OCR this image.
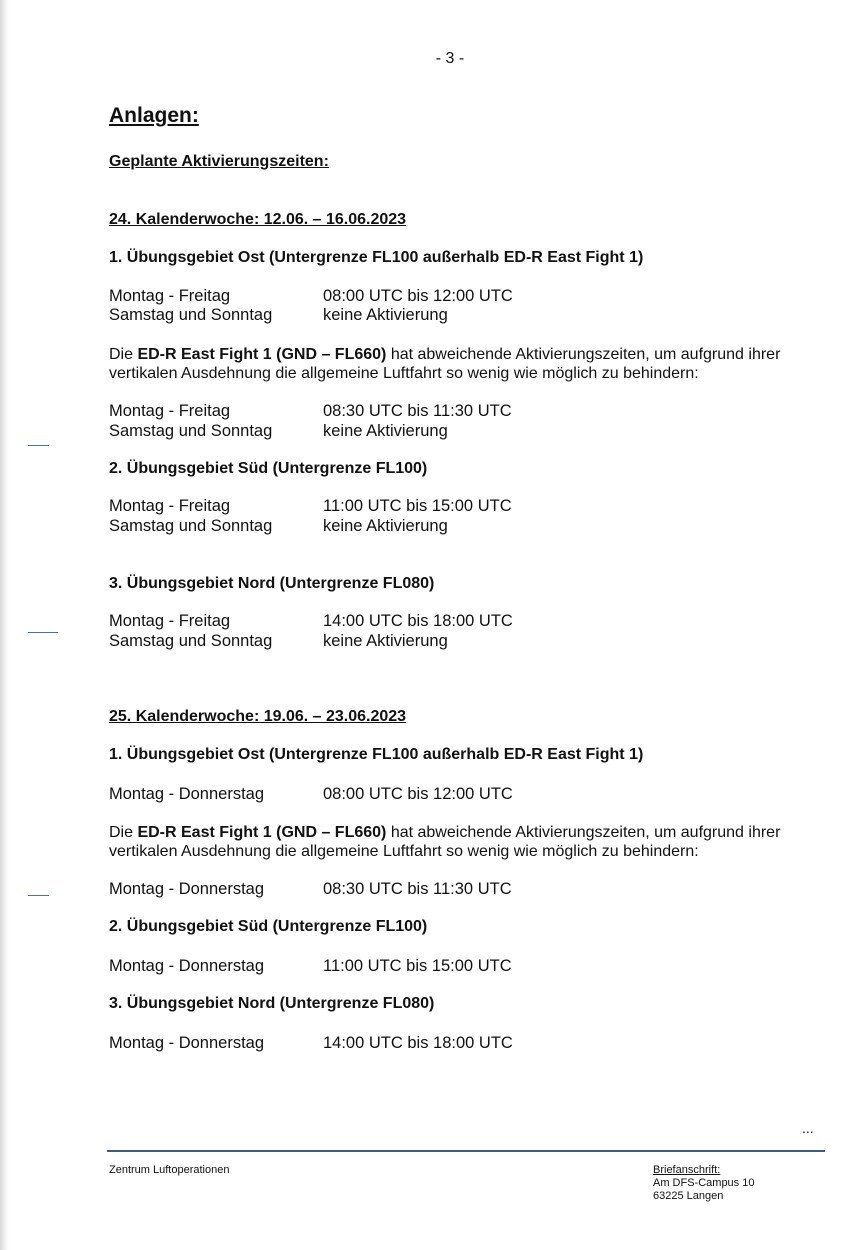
- 3 -
Anlagen:
Geplante Aktivierungszeiten:
24. Kalenderwoche: 12.06. – 16.06.2023
1. Übungsgebiet Ost (Untergrenze FL100 außerhalb ED-R East Fight 1)
Montag - Freitag	08:00 UTC bis 12:00 UTC
Samstag und Sonntag	keine Aktivierung
Die ED-R East Fight 1 (GND – FL660) hat abweichende Aktivierungszeiten, um aufgrund ihrer vertikalen Ausdehnung die allgemeine Luftfahrt so wenig wie möglich zu behindern:
Montag - Freitag	08:30 UTC bis 11:30 UTC
Samstag und Sonntag	keine Aktivierung
2. Übungsgebiet Süd (Untergrenze FL100)
Montag - Freitag	11:00 UTC bis 15:00 UTC
Samstag und Sonntag	keine Aktivierung
3. Übungsgebiet Nord (Untergrenze FL080)
Montag - Freitag	14:00 UTC bis 18:00 UTC
Samstag und Sonntag	keine Aktivierung
25. Kalenderwoche: 19.06. – 23.06.2023
1. Übungsgebiet Ost (Untergrenze FL100 außerhalb ED-R East Fight 1)
Montag - Donnerstag	08:00 UTC bis 12:00 UTC
Die ED-R East Fight 1 (GND – FL660) hat abweichende Aktivierungszeiten, um aufgrund ihrer vertikalen Ausdehnung die allgemeine Luftfahrt so wenig wie möglich zu behindern:
Montag - Donnerstag	08:30 UTC bis 11:30 UTC
2. Übungsgebiet Süd (Untergrenze FL100)
Montag - Donnerstag	11:00 UTC bis 15:00 UTC
3. Übungsgebiet Nord (Untergrenze FL080)
Montag - Donnerstag	14:00 UTC bis 18:00 UTC
...
Zentrum Luftoperationen	Briefanschrift:
Am DFS-Campus 10
63225 Langen
